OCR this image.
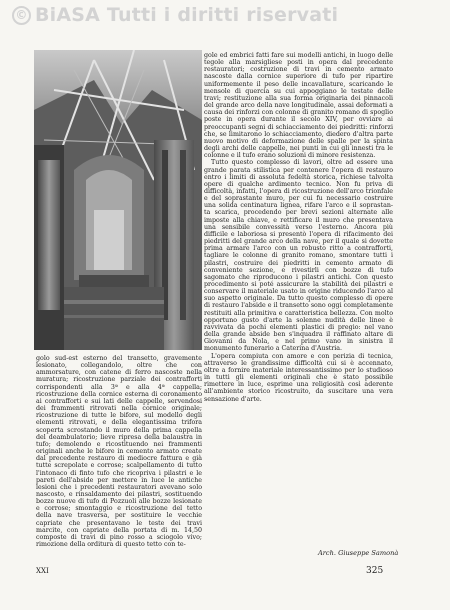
© BiASA Tutti i diritti riservati

golo sud-est esterno del transetto, gravemente lesionato, collegandolo, oltre che con ammorsature, con catene di ferro nascoste nella muratura; ricostruzione parziale dei contrafforti corrispondenti alla 3ª e alla 4ª cappella; ricostruzione della cornice esterna di coronamento ai contrafforti e sui lati delle cappelle, servendosi dei frammenti ritrovati nella cornice originale; ricostruzione di tutte le bifore, sul modello degli elementi ritrovati, e della elegantissima trifora scoperta scrostando il muro della prima cappella del deambulatorio; lieve ripresa della balaustra in tufo; demolendo e ricostituendo nei frammenti originali anche le bifore in cemento armato create dal precedente restauro di mediocre fattura e già tutte screpolate e corrose; scalpellamento di tutto l'intonaco di finto tufo che ricopriva i pilastri e le pareti dell'abside per mettere in luce le antiche lesioni che i precedenti restauratori avevano solo nascosto, e rinsaldamento dei pilastri, sostituendo bozze nuove di tufo di Pozzuoli alle bozze lesionate e corrose; smontaggio e ricostruzione del tetto della nave trasversa, per sostituire le vecchie capriate che presentavano le teste dei travi marcite, con capriate della portata di m. 14,50 composte di travi di pino rosso a sciogolo vivo; rimozione della orditura di questo tetto con te-

gole ed embrici fatti fare sui modelli antichi, in luogo delle tegole alla marsigliese posti in opera dal precedente restauratori; costruzione di travi in cemento armato nascoste dalla cornice superiore di tufo per ripartire uniformemente il peso delle incavallature, scaricando le mensole di quercia su cui appoggiano le testate delle travi; restituzione alla sua forma originaria dei pinnacoli del grande arco della nave longitudinale, assai deformati a causa dei rinforzi con colonne di granito romano di spoglio poste in opera durante il secolo XIV, per ovviare ai preoccupanti segni di schiacciamento dei piedritti: rinforzi che, se limitarono lo schiacciamento, diedero d'altra parte nuovo motivo di deformazione delle spalle per la spinta degli archi delle cappelle, nei punti in cui gli innesti tra le colonne e il tufo erano soluzioni di minore resistenza.

Tutto questo complesso di lavori, oltre ad essere una grande parata stilistica per contenere l'opera di restauro entro i limiti di assoluta fedeltà storica, richiese talvolta opere di qualche ardimento tecnico. Non fu priva di difficoltà, infatti, l'opera di ricostruzione dell'arco trionfale e del soprastante muro, per cui fu necessario costruire una solida centinatura lignea, rifare l'arco e il soprastan- ta scarica, procedendo per brevi sezioni alternate alle imposte alla chiave, e rettificare il muro che presentava una sensibile convessità verso l'esterno. Ancora più difficile e laboriosa si presentò l'opera di rifacimento dei piedritti del grande arco della nave, per il quale si dovette prima armare l'arco con un robusto ritto a contrafforti, tagliare le colonne di granito romano, smontare tutti i pilastri, costruire dei piedritti in cemento armato di conveniente sezione, e rivestirli con bozze di tufo sagomato che riproducono i pilastri antichi. Con questo procedimento si poté assicurare la stabilità dei pilastri e conservare il materiale usato in origine riducendo l'arco al suo aspetto originale. Da tutto questo complesso di opere di restauro l'abside e il transetto sono oggi completamente restituiti alla primitiva e caratteristica bellezza. Con molto opportuno gusto d'arte la solenne nudità delle linee è ravvivata da pochi elementi plastici di pregio: nel vano della grande abside ben s'inquadra il raffinato altare di Giovanni da Nola, e nel primo vano in sinistra il monumento funerario a Caterina d'Austria.

L'opera compiuta con amore e con perizia di tecnica, attraverso le grandissime difficoltà cui si è accennato, oltre a fornire materiale interessantissimo per lo studioso in tutti gli elementi originali che è stato possibile rimettere in luce, esprime una religiosità così aderente all'ambiente storico ricostruito, da suscitare una vera sensazione d'arte.

Arch. Giuseppe Samonà
XXI	325
